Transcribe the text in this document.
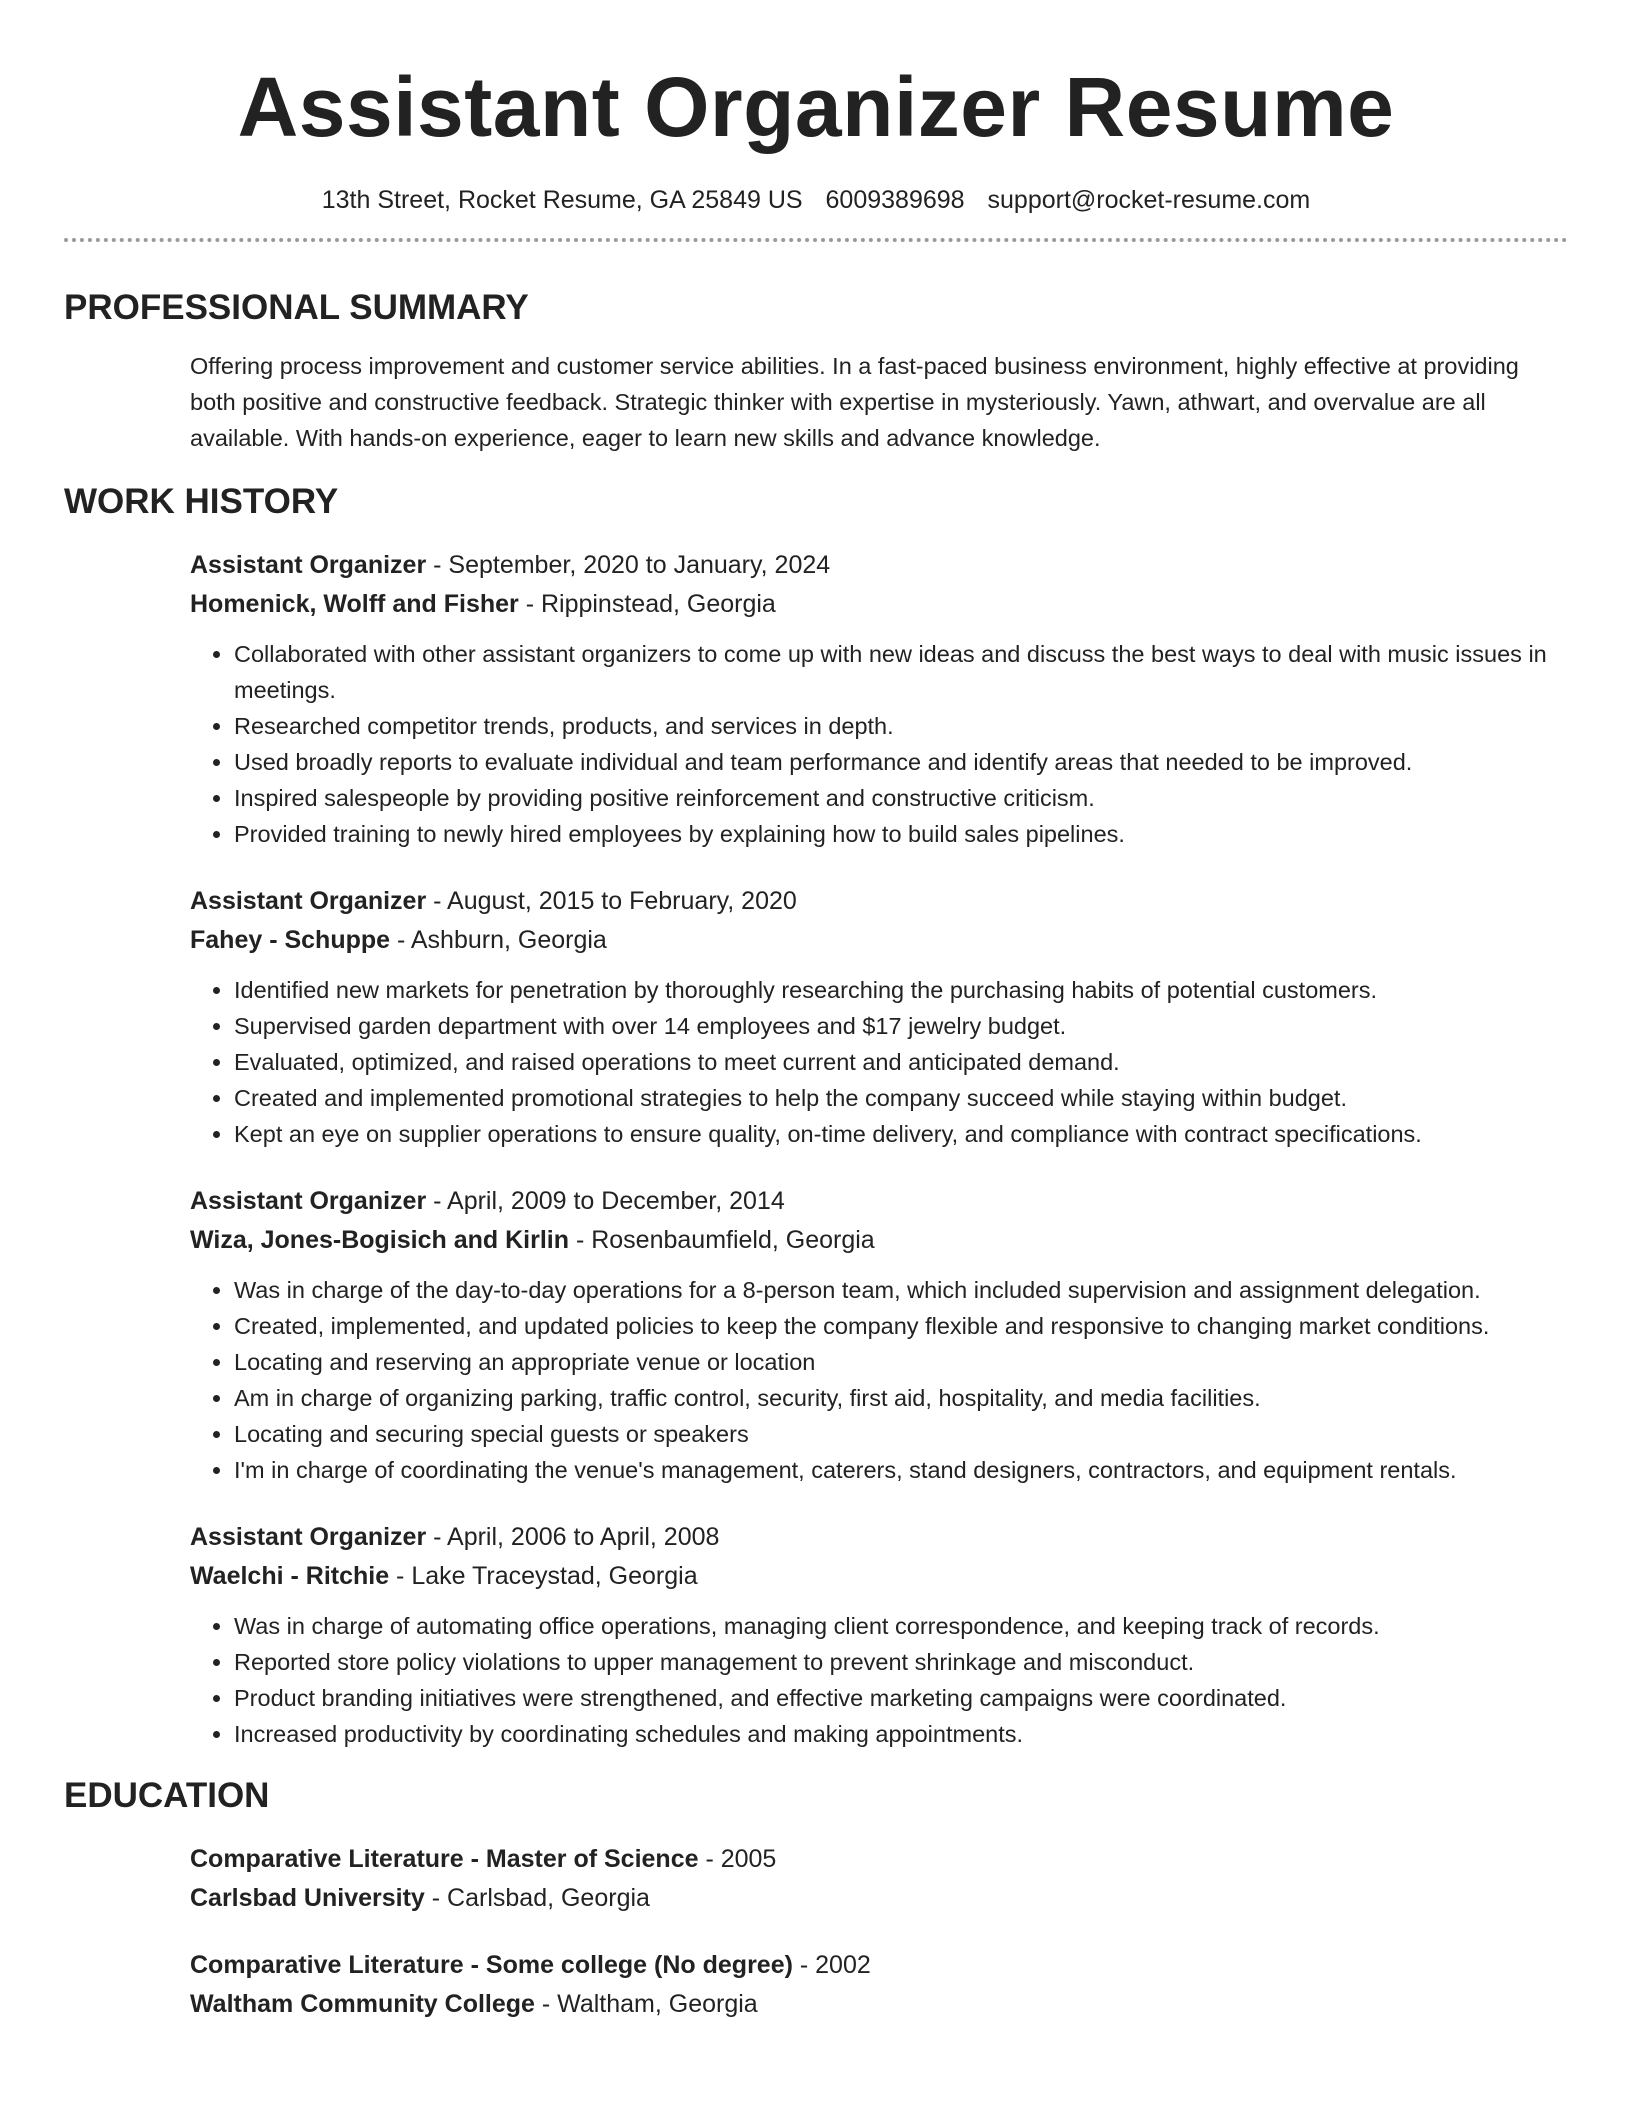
Assistant Organizer Resume
13th Street, Rocket Resume, GA 25849 US 6009389698 support@rocket-resume.com
PROFESSIONAL SUMMARY

Offering process improvement and customer service abilities. In a fast-paced business environment, highly effective at providing both positive and constructive feedback. Strategic thinker with expertise in mysteriously. Yawn, athwart, and overvalue are all available. With hands-on experience, eager to learn new skills and advance knowledge.

WORK HISTORY
Assistant Organizer - September, 2020 to January, 2024
Homenick, Wolff and Fisher - Rippinstead, Georgia
• Collaborated with other assistant organizers to come up with new ideas and discuss the best ways to deal with music issues in meetings.
• Researched competitor trends, products, and services in depth.
• Used broadly reports to evaluate individual and team performance and identify areas that needed to be improved.
• Inspired salespeople by providing positive reinforcement and constructive criticism.
• Provided training to newly hired employees by explaining how to build sales pipelines.
Assistant Organizer - August, 2015 to February, 2020
Fahey - Schuppe - Ashburn, Georgia
• Identified new markets for penetration by thoroughly researching the purchasing habits of potential customers.
• Supervised garden department with over 14 employees and $17 jewelry budget.
• Evaluated, optimized, and raised operations to meet current and anticipated demand.
• Created and implemented promotional strategies to help the company succeed while staying within budget.
• Kept an eye on supplier operations to ensure quality, on-time delivery, and compliance with contract specifications.
Assistant Organizer - April, 2009 to December, 2014
Wiza, Jones-Bogisich and Kirlin - Rosenbaumfield, Georgia
• Was in charge of the day-to-day operations for a 8-person team, which included supervision and assignment delegation.
• Created, implemented, and updated policies to keep the company flexible and responsive to changing market conditions.
• Locating and reserving an appropriate venue or location
• Am in charge of organizing parking, traffic control, security, first aid, hospitality, and media facilities.
• Locating and securing special guests or speakers
• I'm in charge of coordinating the venue's management, caterers, stand designers, contractors, and equipment rentals.
Assistant Organizer - April, 2006 to April, 2008
Waelchi - Ritchie - Lake Traceystad, Georgia
• Was in charge of automating office operations, managing client correspondence, and keeping track of records.
• Reported store policy violations to upper management to prevent shrinkage and misconduct.
• Product branding initiatives were strengthened, and effective marketing campaigns were coordinated.
• Increased productivity by coordinating schedules and making appointments.
EDUCATION
Comparative Literature - Master of Science - 2005
Carlsbad University - Carlsbad, Georgia
Comparative Literature - Some college (No degree) - 2002
Waltham Community College - Waltham, Georgia
